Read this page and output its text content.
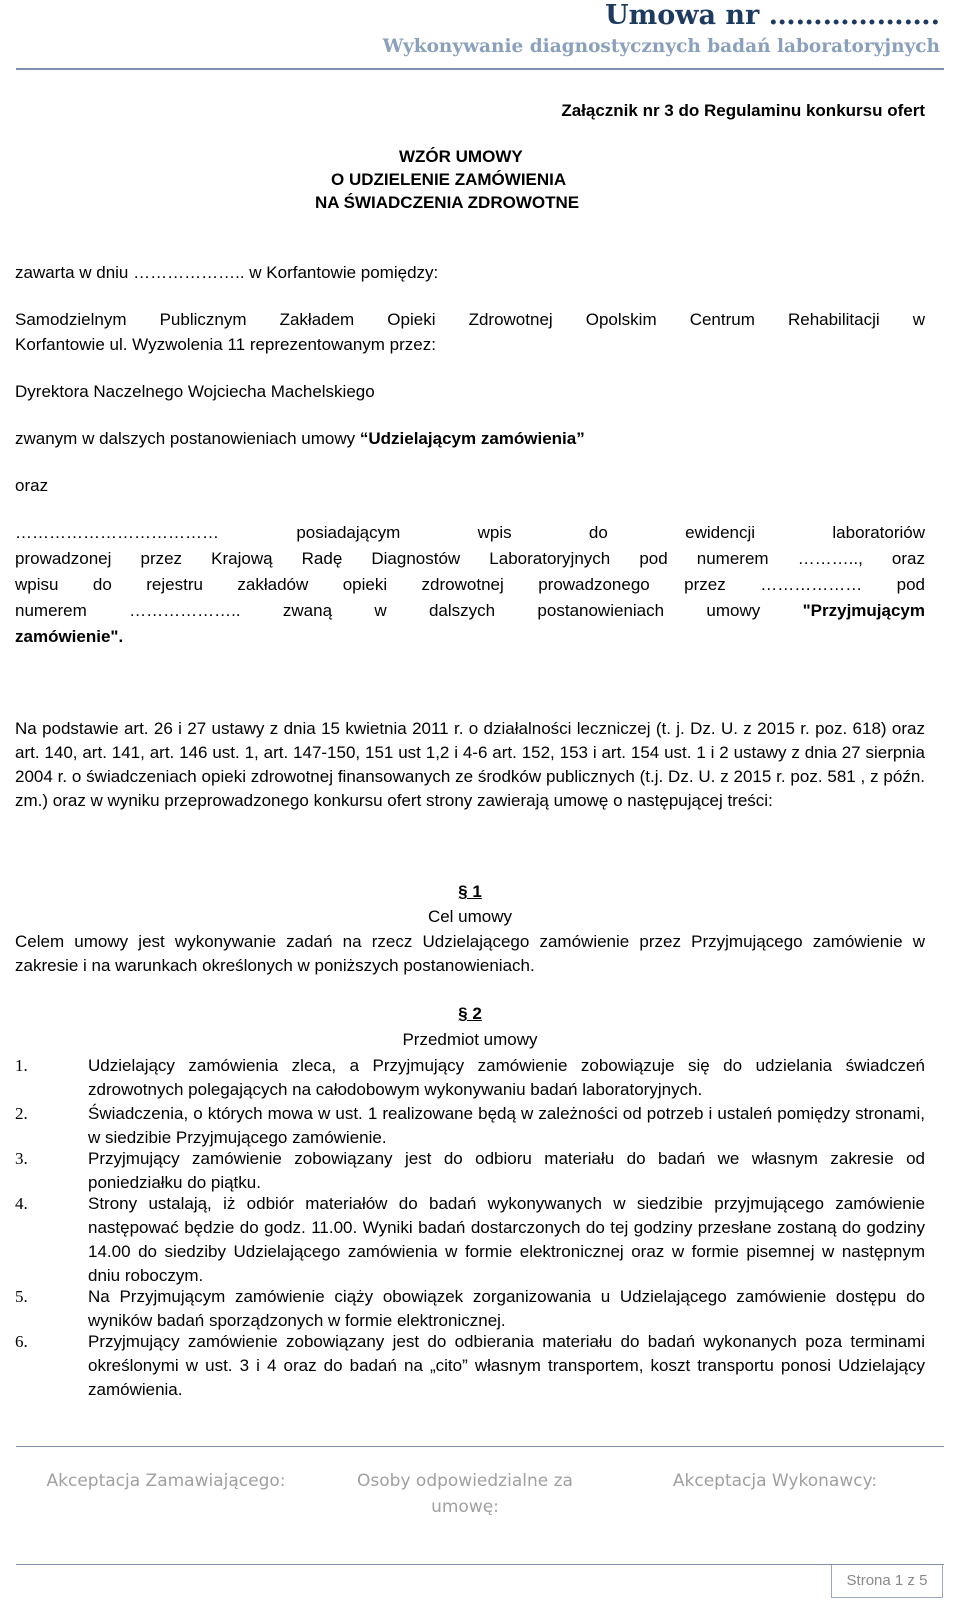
Umowa nr ……………….
Wykonywanie diagnostycznych badań laboratoryjnych
Załącznik nr 3 do Regulaminu konkursu ofert
WZÓR UMOWY
O UDZIELENIE ZAMÓWIENIA
NA ŚWIADCZENIA ZDROWOTNE
zawarta w dniu ……………….. w Korfantowie pomiędzy:
Samodzielnym Publicznym Zakładem Opieki Zdrowotnej Opolskim Centrum Rehabilitacji w
Korfantowie ul. Wyzwolenia 11 reprezentowanym przez:
Dyrektora Naczelnego Wojciecha Machelskiego
zwanym w dalszych postanowieniach umowy “Udzielającym zamówienia”
oraz
……………………………… posiadającym wpis do ewidencji laboratoriów
prowadzonej przez Krajową Radę Diagnostów Laboratoryjnych pod numerem ……….., oraz
wpisu do rejestru zakładów opieki zdrowotnej prowadzonego przez ……………… pod
numerem ……………….. zwaną w dalszych postanowieniach umowy "Przyjmującym
zamówienie".
Na podstawie art. 26 i 27 ustawy z dnia 15 kwietnia 2011 r. o działalności leczniczej (t. j. Dz. U. z 2015 r. poz. 618) oraz art. 140, art. 141, art. 146 ust. 1, art. 147-150, 151 ust 1,2 i 4-6 art. 152, 153 i art. 154 ust. 1 i 2 ustawy z dnia 27 sierpnia 2004 r. o świadczeniach opieki zdrowotnej finansowanych ze środków publicznych (t.j. Dz. U. z 2015 r. poz. 581 , z późn. zm.) oraz w wyniku przeprowadzonego konkursu ofert strony zawierają umowę o następującej treści:
§ 1
Cel umowy
Celem umowy jest wykonywanie zadań na rzecz Udzielającego zamówienie przez Przyjmującego zamówienie w zakresie i na warunkach określonych w poniższych postanowieniach.
§ 2
Przedmiot umowy
1.	Udzielający zamówienia zleca, a Przyjmujący zamówienie zobowiązuje się do udzielania świadczeń zdrowotnych polegających na całodobowym wykonywaniu badań laboratoryjnych.
2.	Świadczenia, o których mowa w ust. 1 realizowane będą w zależności od potrzeb i ustaleń pomiędzy stronami, w siedzibie Przyjmującego zamówienie.
3.	Przyjmujący zamówienie zobowiązany jest do odbioru materiału do badań we własnym zakresie od poniedziałku do piątku.
4.	Strony ustalają, iż odbiór materiałów do badań wykonywanych w siedzibie przyjmującego zamówienie następować będzie do godz. 11.00. Wyniki badań dostarczonych do tej godziny przesłane zostaną do godziny 14.00 do siedziby Udzielającego zamówienia w formie elektronicznej oraz w formie pisemnej w następnym dniu roboczym.
5.	Na Przyjmującym zamówienie ciąży obowiązek zorganizowania u Udzielającego zamówienie dostępu do wyników badań sporządzonych w formie elektronicznej.
6.	Przyjmujący zamówienie zobowiązany jest do odbierania materiału do badań wykonanych poza terminami określonymi w ust. 3 i 4 oraz do badań na „cito” własnym transportem, koszt transportu ponosi Udzielający zamówienia.
Akceptacja Zamawiającego:	Osoby odpowiedzialne za umowę:
Akceptacja Wykonawcy:
Strona 1 z 5
